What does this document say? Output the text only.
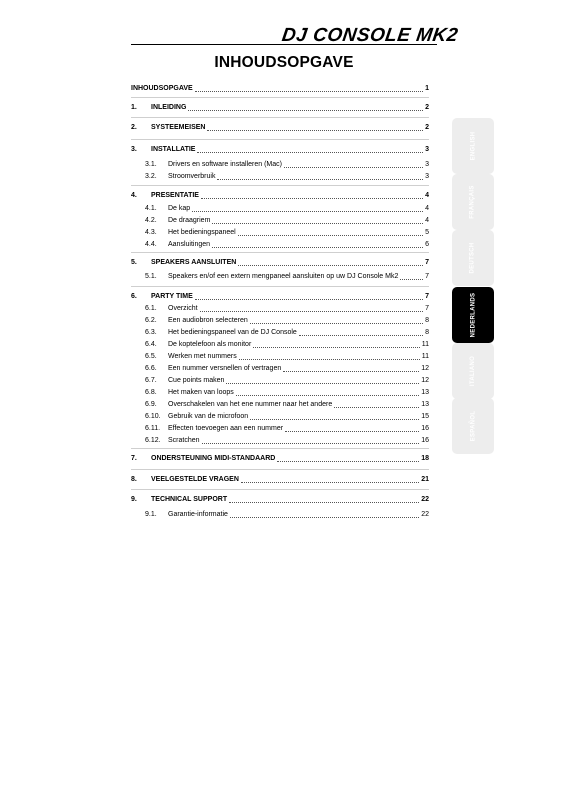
DJ CONSOLE MK2
INHOUDSOPGAVE
INHOUDSOPGAVE	1
1.	INLEIDING	2
2.	SYSTEEMEISEN	2
3.	INSTALLATIE	3
3.1.	Drivers en software installeren (Mac)	3
3.2.	Stroomverbruik	3
4.	PRESENTATIE	4
4.1.	De kap	4
4.2.	De draagriem	4
4.3.	Het bedieningspaneel	5
4.4.	Aansluitingen	6
5.	SPEAKERS AANSLUITEN	7
5.1.	Speakers en/of een extern mengpaneel aansluiten op uw DJ Console Mk2	7
6.	PARTY TIME	7
6.1.	Overzicht	7
6.2.	Een audiobron selecteren	8
6.3.	Het bedieningspaneel van de DJ Console	8
6.4.	De koptelefoon als monitor	11
6.5.	Werken met nummers	11
6.6.	Een nummer versnellen of vertragen	12
6.7.	Cue points maken	12
6.8.	Het maken van loops	13
6.9.	Overschakelen van het ene nummer naar het andere	13
6.10.	Gebruik van de microfoon	15
6.11.	Effecten toevoegen aan een nummer	16
6.12.	Scratchen	16
7.	ONDERSTEUNING MIDI-STANDAARD	18
8.	VEELGESTELDE VRAGEN	21
9.	TECHNICAL SUPPORT	22
9.1.	Garantie-informatie	22
ENGLISH
FRANÇAIS
DEUTSCH
NEDERLANDS
ITALIANO
ESPAÑOL
